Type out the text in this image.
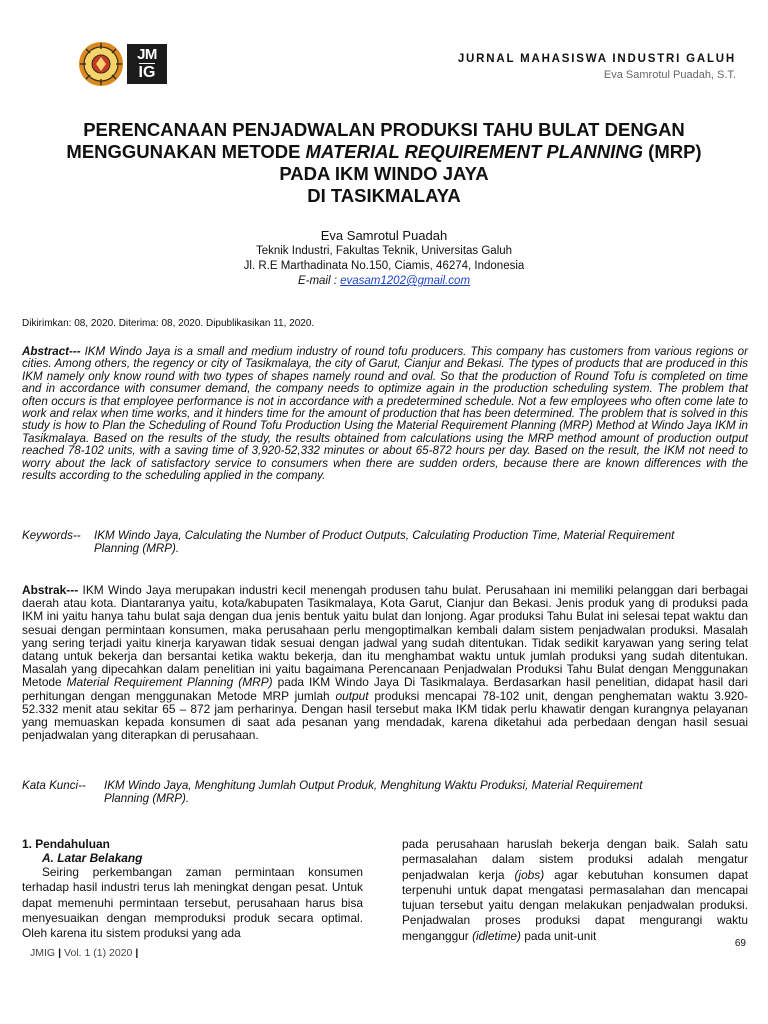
JM
IG
JURNAL MAHASISWA INDUSTRI GALUH
Eva Samrotul Puadah, S.T.
PERENCANAAN PENJADWALAN PRODUKSI TAHU BULAT DENGAN
MENGGUNAKAN METODE MATERIAL REQUIREMENT PLANNING (MRP)
PADA IKM WINDO JAYA
DI TASIKMALAYA
Eva Samrotul Puadah
Teknik Industri, Fakultas Teknik, Universitas Galuh
Jl. R.E Marthadinata No.150, Ciamis, 46274, Indonesia
E-mail : evasam1202@gmail.com
Dikirimkan: 08, 2020. Diterima: 08, 2020. Dipublikasikan 11, 2020.

Abstract--- IKM Windo Jaya is a small and medium industry of round tofu producers. This company has customers from various regions or cities. Among others, the regency or city of Tasikmalaya, the city of Garut, Cianjur and Bekasi. The types of products that are produced in this IKM namely only know round with two types of shapes namely round and oval. So that the production of Round Tofu is completed on time and in accordance with consumer demand, the company needs to optimize again in the production scheduling system. The problem that often occurs is that employee performance is not in accordance with a predetermined schedule. Not a few employees who often come late to work and relax when time works, and it hinders time for the amount of production that has been determined. The problem that is solved in this study is how to Plan the Scheduling of Round Tofu Production Using the Material Requirement Planning (MRP) Method at Windo Jaya IKM in Tasikmalaya. Based on the results of the study, the results obtained from calculations using the MRP method amount of production output reached 78-102 units, with a saving time of 3,920-52,332 minutes or about 65-872 hours per day. Based on the result, the IKM not need to worry about the lack of satisfactory service to consumers when there are sudden orders, because there are known differences with the results according to the scheduling applied in the company.

Keywords-- IKM Windo Jaya, Calculating the Number of Product Outputs, Calculating Production Time, Material Requirement
Planning (MRP).

Abstrak--- IKM Windo Jaya merupakan industri kecil menengah produsen tahu bulat. Perusahaan ini memiliki pelanggan dari berbagai daerah atau kota. Diantaranya yaitu, kota/kabupaten Tasikmalaya, Kota Garut, Cianjur dan Bekasi. Jenis produk yang di produksi pada IKM ini yaitu hanya tahu bulat saja dengan dua jenis bentuk yaitu bulat dan lonjong. Agar produksi Tahu Bulat ini selesai tepat waktu dan sesuai dengan permintaan konsumen, maka perusahaan perlu mengoptimalkan kembali dalam sistem penjadwalan produksi. Masalah yang sering terjadi yaitu kinerja karyawan tidak sesuai dengan jadwal yang sudah ditentukan. Tidak sedikit karyawan yang sering telat datang untuk bekerja dan bersantai ketika waktu bekerja, dan itu menghambat waktu untuk jumlah produksi yang sudah ditentukan. Masalah yang dipecahkan dalam penelitian ini yaitu bagaimana Perencanaan Penjadwalan Produksi Tahu Bulat dengan Menggunakan Metode Material Requirement Planning (MRP) pada IKM Windo Jaya Di Tasikmalaya. Berdasarkan hasil penelitian, didapat hasil dari perhitungan dengan menggunakan Metode MRP jumlah output produksi mencapai 78-102 unit, dengan penghematan waktu 3.920-52.332 menit atau sekitar 65 – 872 jam perharinya. Dengan hasil tersebut maka IKM tidak perlu khawatir dengan kurangnya pelayanan yang memuaskan kepada konsumen di saat ada pesanan yang mendadak, karena diketahui ada perbedaan dengan hasil sesuai penjadwalan yang diterapkan di perusahaan.

Kata Kunci-- IKM Windo Jaya, Menghitung Jumlah Output Produk, Menghitung Waktu Produksi, Material Requirement
Planning (MRP).
1. Pendahuluan
A. Latar Belakang

Seiring perkembangan zaman permintaan konsumen terhadap hasil industri terus lah meningkat dengan pesat. Untuk dapat memenuhi permintaan tersebut, perusahaan harus bisa menyesuaikan dengan memproduksi produk secara optimal. Oleh karena itu sistem produksi yang ada

pada perusahaan haruslah bekerja dengan baik. Salah satu permasalahan dalam sistem produksi adalah mengatur penjadwalan kerja (jobs) agar kebutuhan konsumen dapat terpenuhi untuk dapat mengatasi permasalahan dan mencapai tujuan tersebut yaitu dengan melakukan penjadwalan produksi. Penjadwalan proses produksi dapat mengurangi waktu menganggur (idletime) pada unit-unit

69
JMIG | Vol. 1 (1) 2020 |
